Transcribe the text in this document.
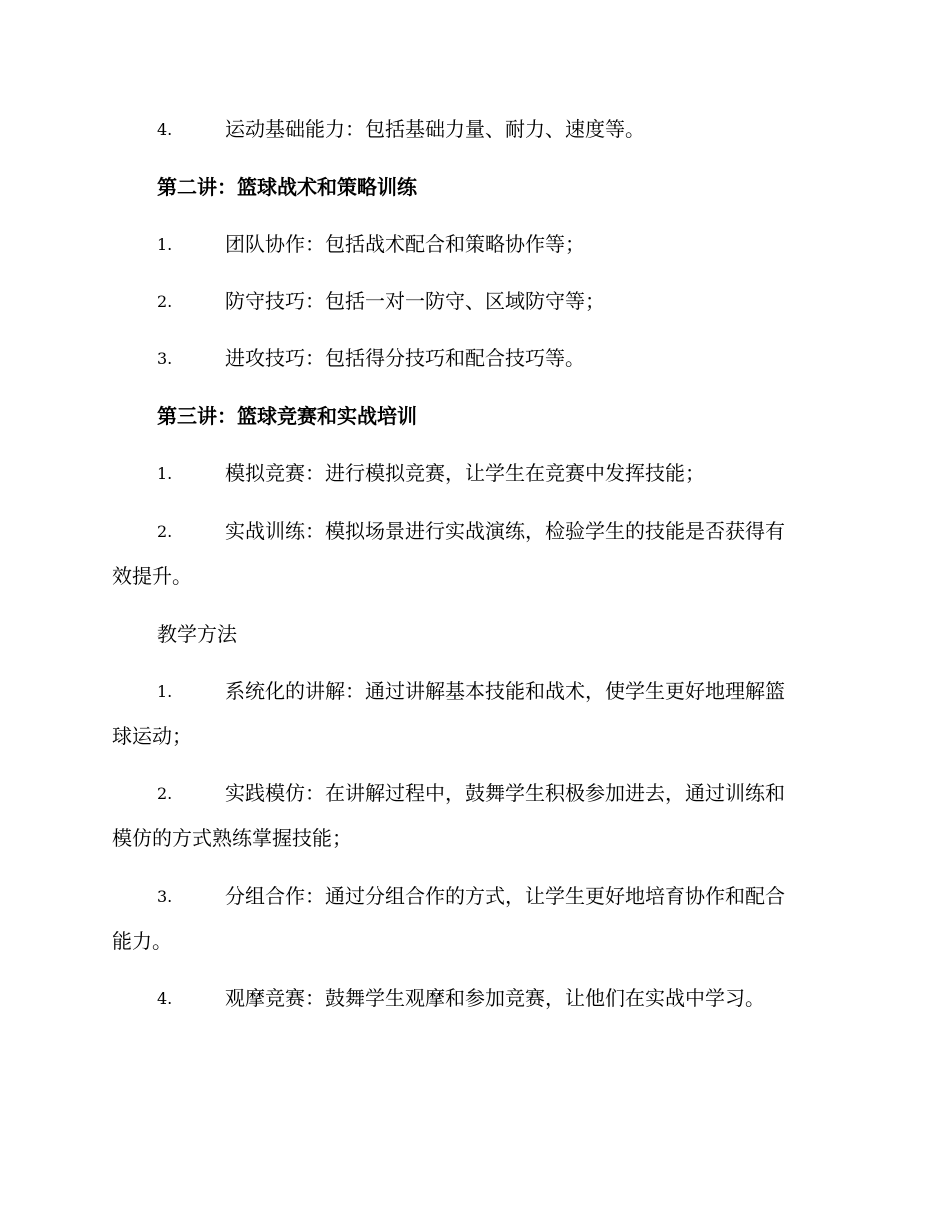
4.	运动基础能力：包括基础力量、耐力、速度等。
第二讲：篮球战术和策略训练
1.	团队协作：包括战术配合和策略协作等；
2.	防守技巧：包括一对一防守、区域防守等；
3.	进攻技巧：包括得分技巧和配合技巧等。
第三讲：篮球竞赛和实战培训
1.	模拟竞赛：进行模拟竞赛，让学生在竞赛中发挥技能；
2.	实战训练：模拟场景进行实战演练，检验学生的技能是否获得有
效提升。
教学方法
1.	系统化的讲解：通过讲解基本技能和战术，使学生更好地理解篮
球运动；
2.	实践模仿：在讲解过程中，鼓舞学生积极参加进去，通过训练和
模仿的方式熟练掌握技能；
3.	分组合作：通过分组合作的方式，让学生更好地培育协作和配合
能力。
4.	观摩竞赛：鼓舞学生观摩和参加竞赛，让他们在实战中学习。
